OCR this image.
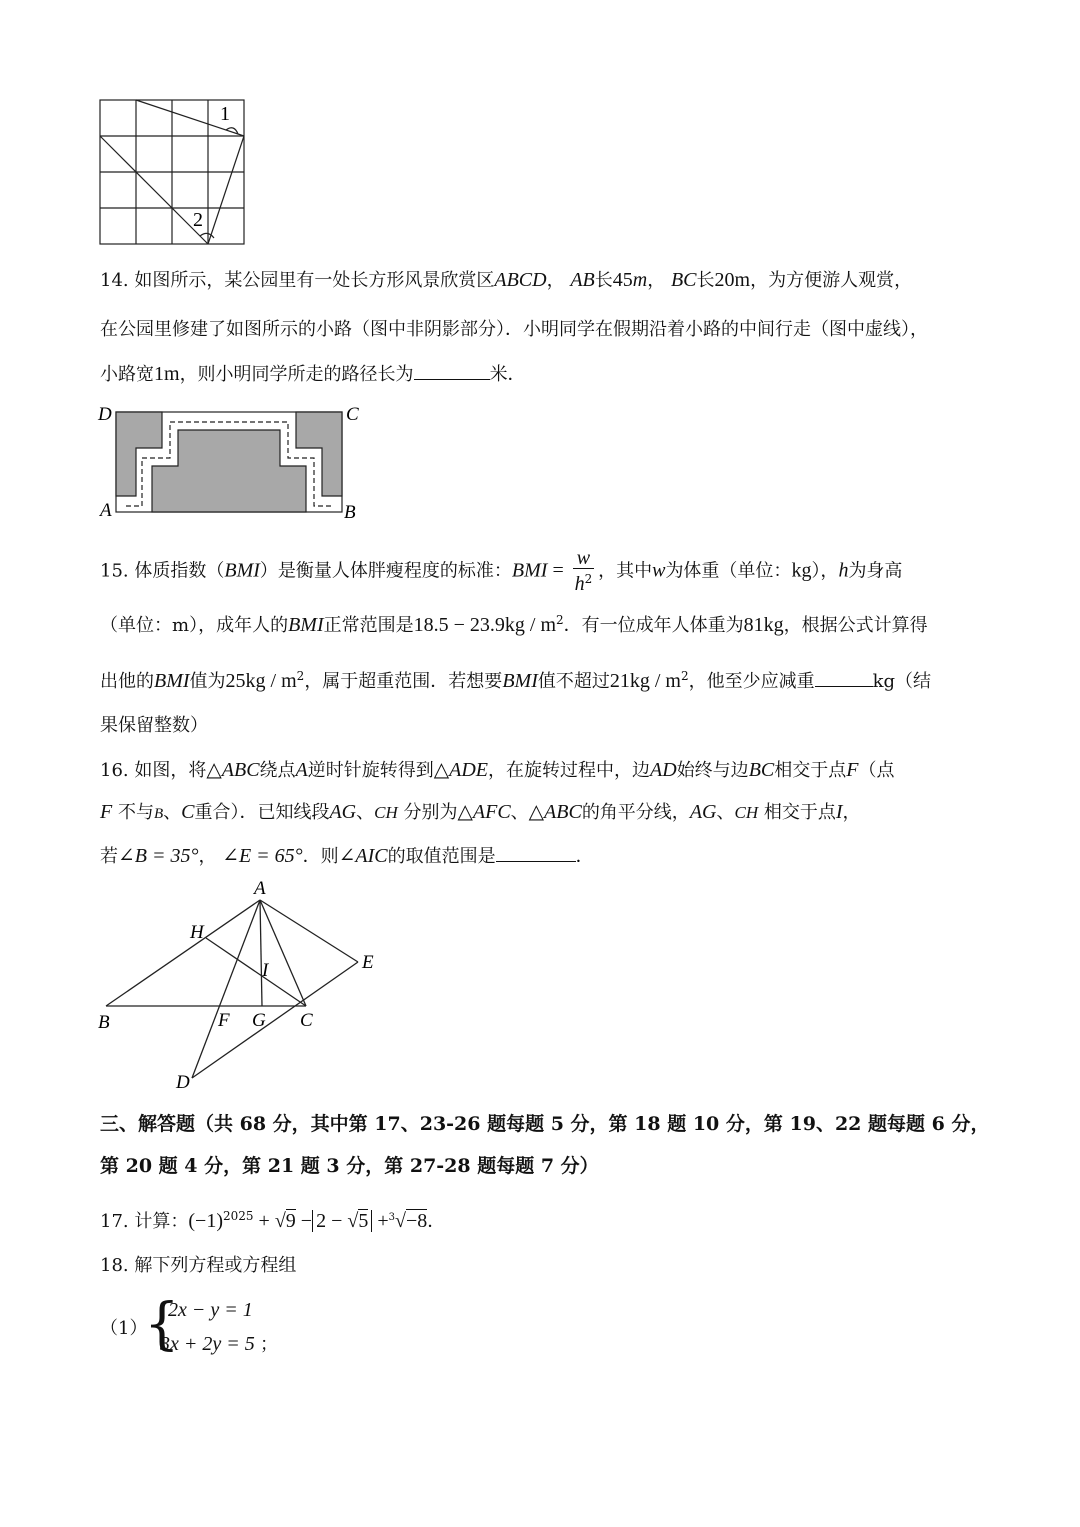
1
2
14. 如图所示，某公园里有一处长方形风景欣赏区ABCD， AB长45m， BC长20m，为方便游人观赏，
在公园里修建了如图所示的小路（图中非阴影部分）．小明同学在假期沿着小路的中间行走（图中虚线），
小路宽1m，则小明同学所走的路径长为	米．
D	C
A	B
15. 体质指数（BMI）是衡量人体胖瘦程度的标准：BMI = $\frac{w}{h^2}$ ，其中w为体重（单位：kg），h为身高
（单位：m），成年人的BMI正常范围是$18.5 - 23.9kg / m^2$．有一位成年人体重为81kg，根据公式计算得
出他的BMI值为$25kg / m^2$，属于超重范围．若想要BMI值不超过$21kg / m^2$，他至少应减重	kg（结
果保留整数）
16. 如图，将△ABC绕点A逆时针旋转得到△ADE，在旋转过程中，边AD始终与边BC相交于点F（点
F 不与B、C重合）．已知线段AG、CH 分别为△AFC、△ABC的角平分线，AG、CH 相交于点I，
若∠B = 35°， ∠E = 65°．则∠AIC的取值范围是	．
A
H
E
I
B	F G C
D
三、解答题（共 68 分，其中第 17、23-26 题每题 5 分，第 18 题 10 分，第 19、22 题每题 6 分，
第 20 题 4 分，第 21 题 3 分，第 27-28 题每题 7 分）
17. 计算：$(-1)^{2025} + √9 - 2 - √5 +^3√-8$．
18. 解下列方程或方程组
（1）
{
2x − y = 1
3x + 2y = 5 ；
